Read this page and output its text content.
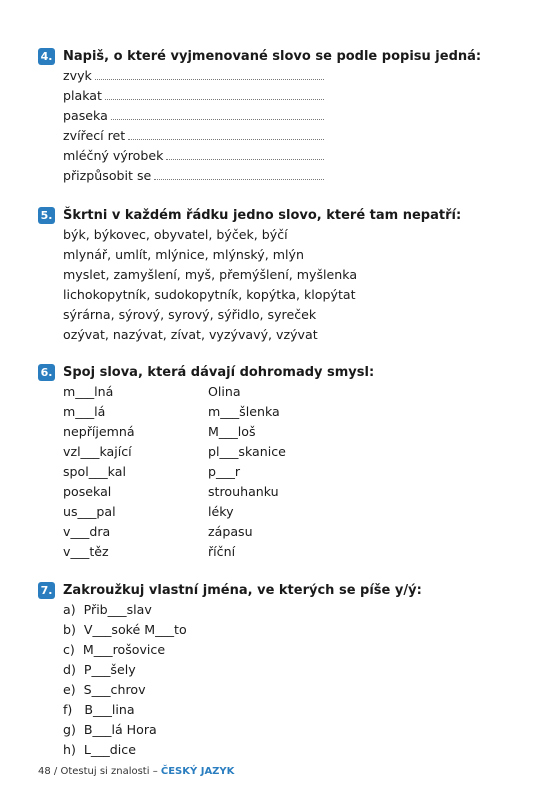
4. Napiš, o které vyjmenované slovo se podle popisu jedná:
zvyk
plakat
paseka
zvířecí ret
mléčný výrobek
přizpůsobit se
5. Škrtni v každém řádku jedno slovo, které tam nepatří:
býk, býkovec, obyvatel, býček, býčí
mlynář, umlít, mlýnice, mlýnský, mlýn
myslet, zamyšlení, myš, přemýšlení, myšlenka
lichokopytník, sudokopytník, kopýtka, klopýtat
sýrárna, sýrový, syrový, sýřidlo, syreček
ozývat, nazývat, zívat, vyzývavý, vzývat
6. Spoj slova, která dávají dohromady smysl:
m___lná	Olina
m___lá	m___šlenka
nepříjemná	M___loš
vzl___kající	pl___skanice
spol___kal	p___r
posekal	strouhanku
us___pal	léky
v___dra	zápasu
v___těz	říční
7. Zakroužkuj vlastní jména, ve kterých se píše y/ý:
a)  Přib___slav
b)  V___soké M___to
c)  M___rošovice
d)  P___šely
e)  S___chrov
f)   B___lina
g)  B___lá Hora
h)  L___dice
48 / Otestuj si znalosti – ČESKÝ JAZYK
